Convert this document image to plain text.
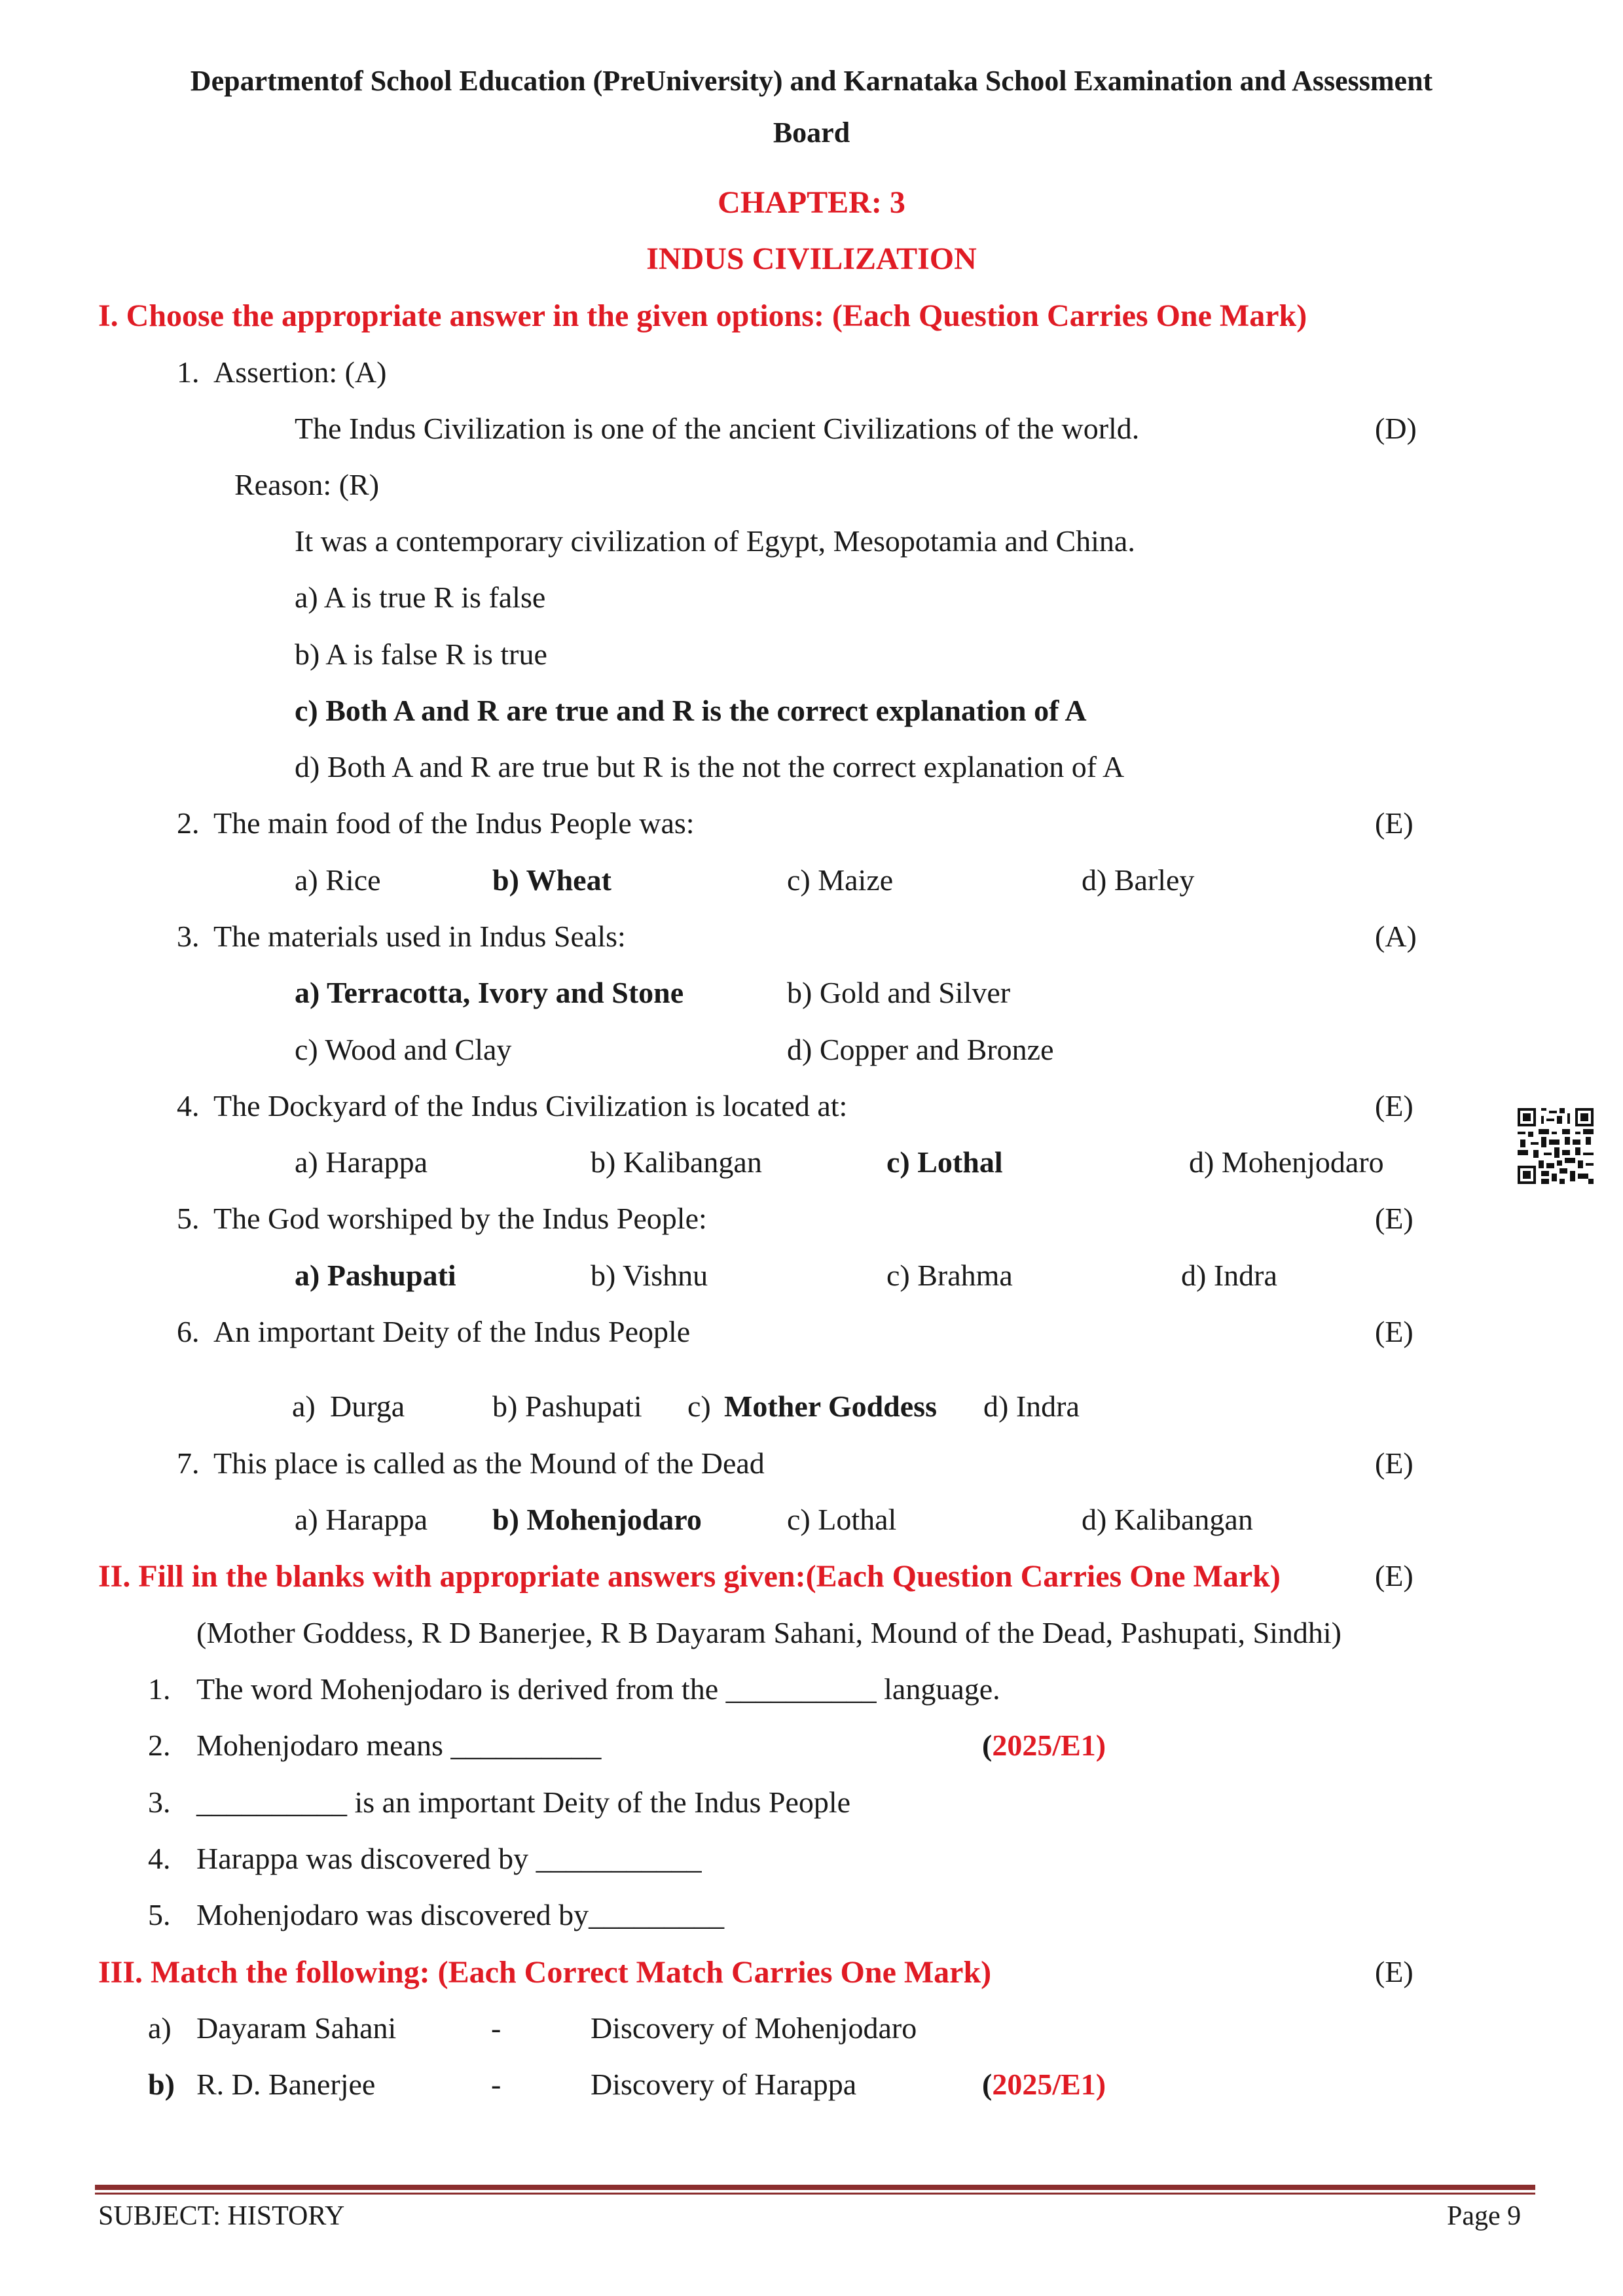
Departmentof School Education (PreUniversity) and Karnataka School Examination and Assessment
Board
CHAPTER: 3
INDUS CIVILIZATION
I. Choose the appropriate answer in the given options: (Each Question Carries One Mark)
1. Assertion: (A)
The Indus Civilization is one of the ancient Civilizations of the world.	(D)
Reason: (R)
It was a contemporary civilization of Egypt, Mesopotamia and China.
a) A is true R is false
b) A is false R is true
c) Both A and R are true and R is the correct explanation of A
d) Both A and R are true but R is the not the correct explanation of A
2. The main food of the Indus People was:	(E)
a) Rice	b) Wheat	c) Maize	d) Barley
3. The materials used in Indus Seals:	(A)
a) Terracotta, Ivory and Stone	b) Gold and Silver
c) Wood and Clay	d) Copper and Bronze
4. The Dockyard of the Indus Civilization is located at:	(E)
a) Harappa	b) Kalibangan	c) Lothal	d) Mohenjodaro
5. The God worshiped by the Indus People:	(E)
a) Pashupati	b) Vishnu	c) Brahma	d) Indra
6. An important Deity of the Indus People	(E)
a) Durga	b) Pashupati c) Mother Goddess d) Indra
7. This place is called as the Mound of the Dead	(E)
a) Harappa b) Mohenjodaro	c) Lothal	d) Kalibangan
II. Fill in the blanks with appropriate answers given:(Each Question Carries One Mark)	(E)
(Mother Goddess, R D Banerjee, R B Dayaram Sahani, Mound of the Dead, Pashupati, Sindhi)
1. The word Mohenjodaro is derived from the __________ language.
2. Mohenjodaro means __________	(2025/E1)
3. __________ is an important Deity of the Indus People
4. Harappa was discovered by ___________
5. Mohenjodaro was discovered by_________
III. Match the following: (Each Correct Match Carries One Mark)	(E)
a) Dayaram Sahani	-	Discovery of Mohenjodaro
b) R. D. Banerjee	-	Discovery of Harappa	(2025/E1)
SUBJECT: HISTORY	Page 9
